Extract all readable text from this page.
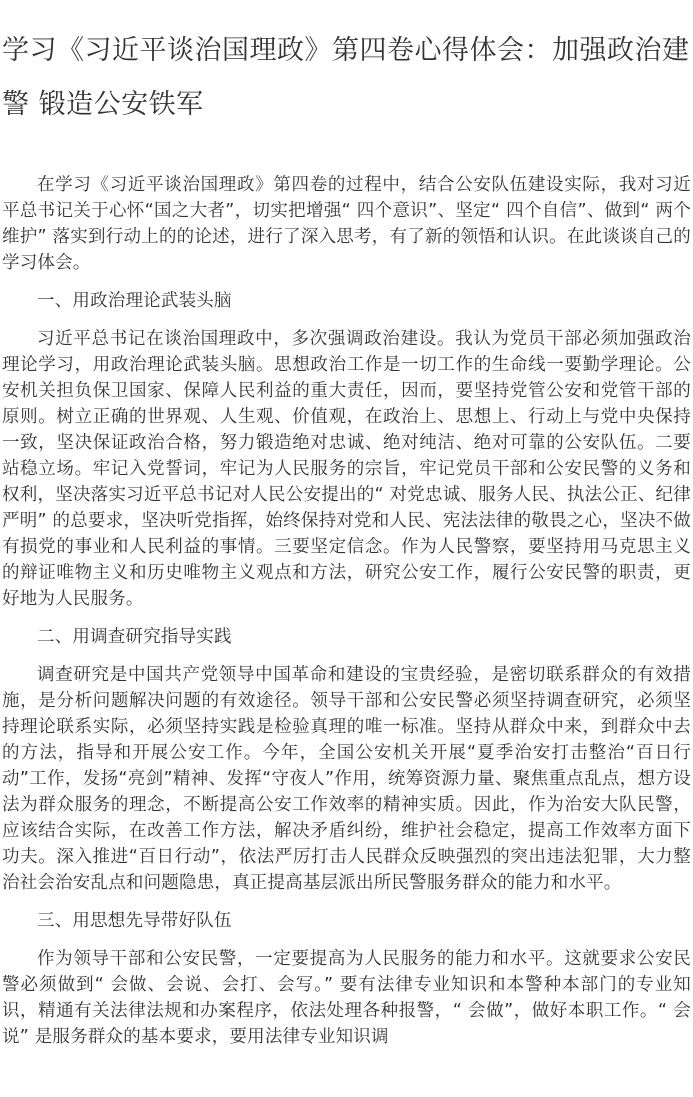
学习《习近平谈治国理政》第四卷心得体会：加强政治建警 锻造公安铁军

在学习《习近平谈治国理政》第四卷的过程中，结合公安队伍建设实际，我对习近平总书记关于心怀“国之大者”，切实把增强“ 四个意识”、坚定“ 四个自信”、做到“ 两个维护” 落实到行动上的的论述，进行了深入思考，有了新的领悟和认识。在此谈谈自己的学习体会。

一、用政治理论武装头脑

习近平总书记在谈治国理政中，多次强调政治建设。我认为党员干部必须加强政治理论学习，用政治理论武装头脑。思想政治工作是一切工作的生命线一要勤学理论。公安机关担负保卫国家、保障人民利益的重大责任，因而，要坚持党管公安和党管干部的原则。树立正确的世界观、人生观、价值观，在政治上、思想上、行动上与党中央保持一致，坚决保证政治合格，努力锻造绝对忠诚、绝对纯洁、绝对可靠的公安队伍。二要站稳立场。牢记入党誓词，牢记为人民服务的宗旨，牢记党员干部和公安民警的义务和权利，坚决落实习近平总书记对人民公安提出的“ 对党忠诚、服务人民、执法公正、纪律严明” 的总要求，坚决听党指挥，始终保持对党和人民、宪法法律的敬畏之心，坚决不做有损党的事业和人民利益的事情。三要坚定信念。作为人民警察，要坚持用马克思主义的辩证唯物主义和历史唯物主义观点和方法，研究公安工作，履行公安民警的职责，更好地为人民服务。

二、用调查研究指导实践

调查研究是中国共产党领导中国革命和建设的宝贵经验，是密切联系群众的有效措施，是分析问题解决问题的有效途径。领导干部和公安民警必须坚持调查研究，必须坚持理论联系实际，必须坚持实践是检验真理的唯一标准。坚持从群众中来，到群众中去的方法，指导和开展公安工作。今年，全国公安机关开展“夏季治安打击整治“百日行动”工作，发扬“亮剑”精神、发挥“守夜人”作用，统筹资源力量、聚焦重点乱点，想方设法为群众服务的理念，不断提高公安工作效率的精神实质。因此，作为治安大队民警，应该结合实际，在改善工作方法，解决矛盾纠纷，维护社会稳定，提高工作效率方面下功夫。深入推进“百日行动”，依法严厉打击人民群众反映强烈的突出违法犯罪，大力整治社会治安乱点和问题隐患，真正提高基层派出所民警服务群众的能力和水平。

三、用思想先导带好队伍

作为领导干部和公安民警，一定要提高为人民服务的能力和水平。这就要求公安民警必须做到“ 会做、会说、会打、会写。” 要有法律专业知识和本警种本部门的专业知识，精通有关法律法规和办案程序，依法处理各种报警，“ 会做”，做好本职工作。“ 会说” 是服务群众的基本要求，要用法律专业知识调
